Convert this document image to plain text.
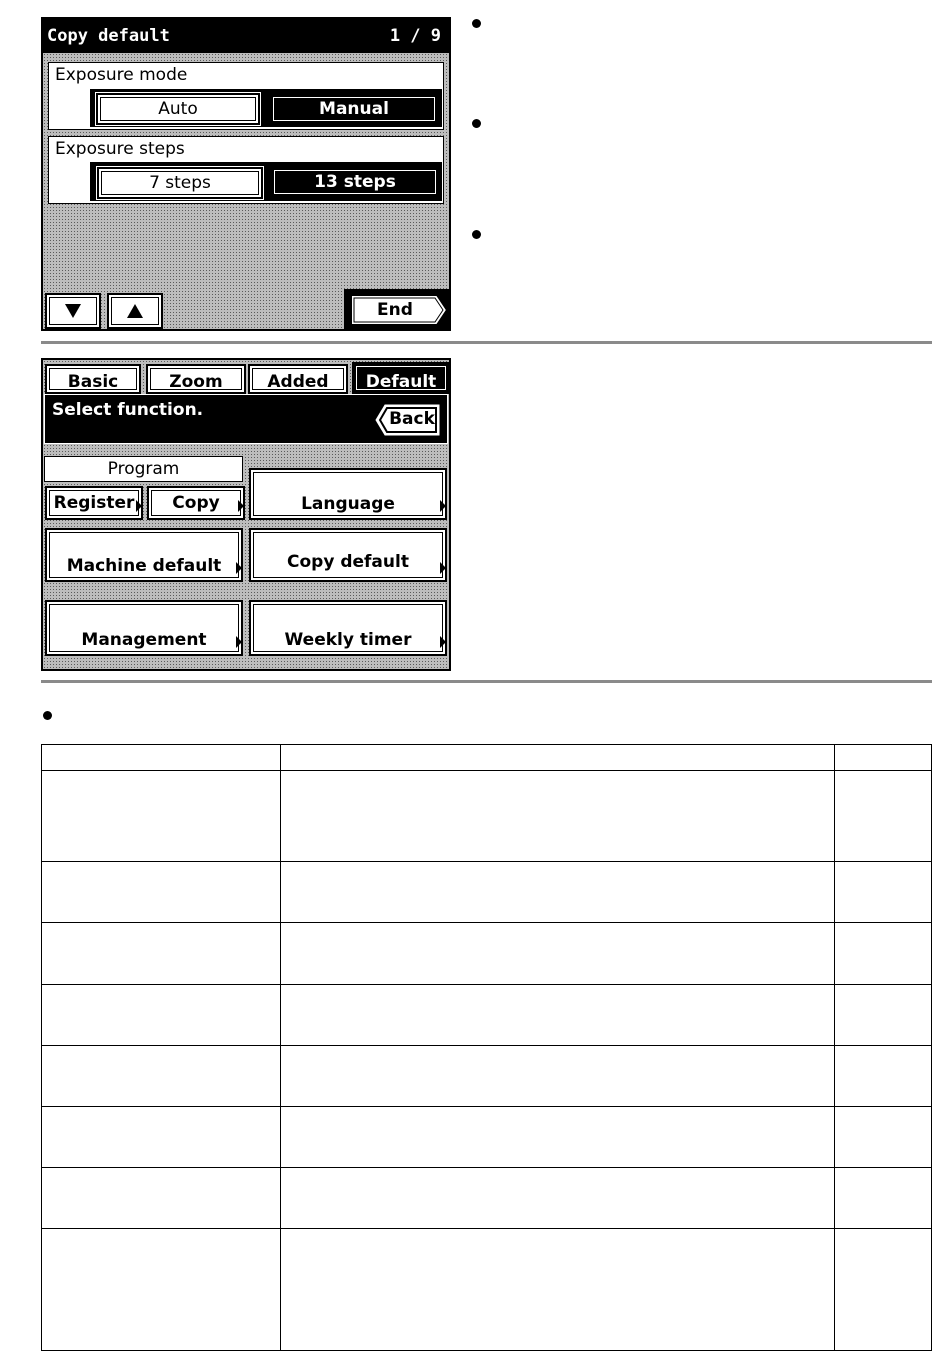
Copy default	1 / 9
Exposure mode
Auto	Manual
Exposure steps
7 steps	13 steps
End
Basic	Zoom	Added	Default
Select function.	Back
Program
Register Copy	Language
Machine default	Copy default
Management	Weekly timer
